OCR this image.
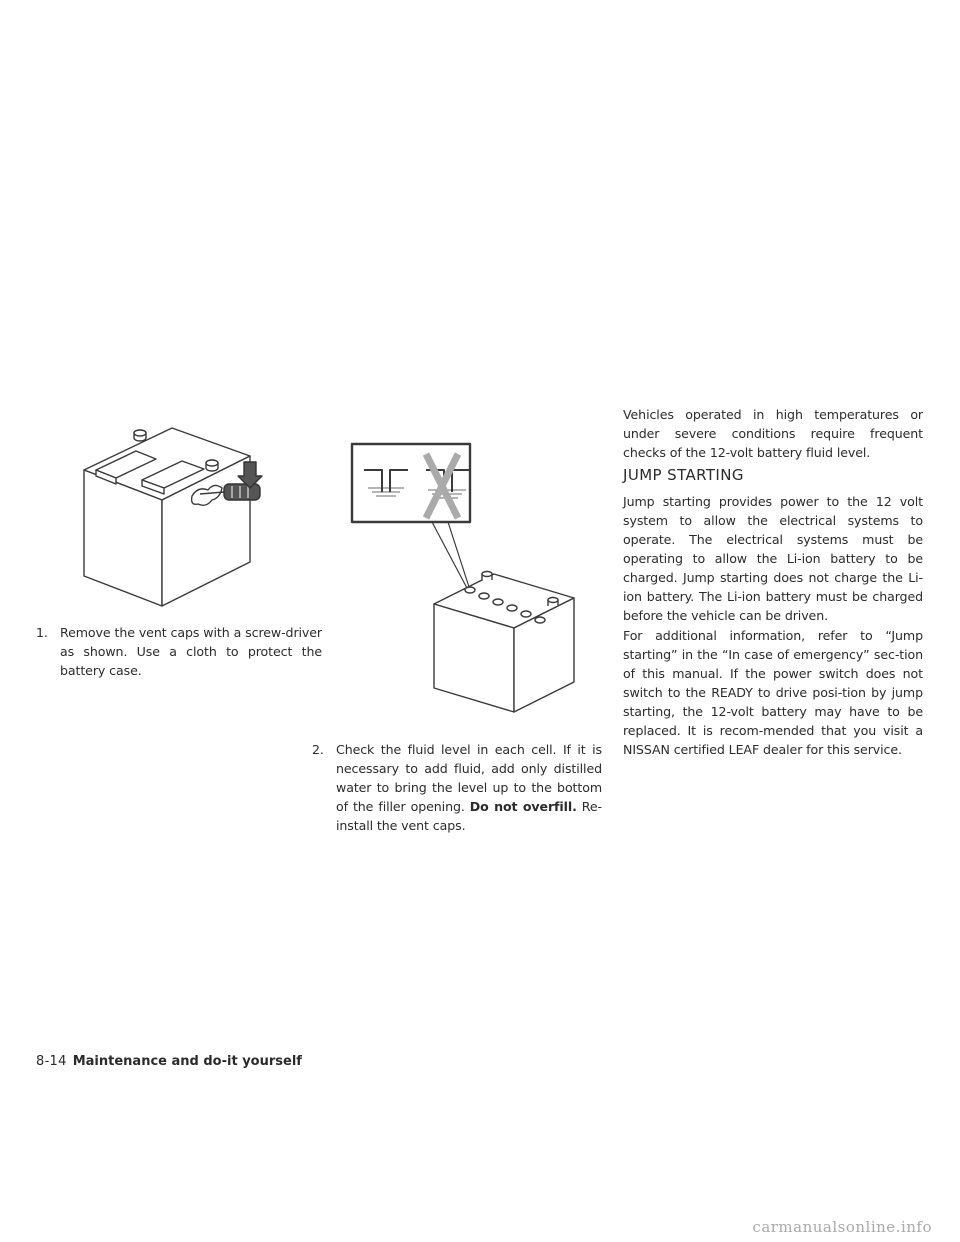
1. Remove the vent caps with a screw-driver as shown. Use a cloth to protect the battery case.
2. Check the fluid level in each cell. If it is necessary to add fluid, add only distilled water to bring the level up to the bottom of the filler opening. Do not overfill. Re-install the vent caps.

Vehicles operated in high temperatures or under severe conditions require frequent checks of the 12-volt battery fluid level.

JUMP STARTING

Jump starting provides power to the 12 volt system to allow the electrical systems to operate. The electrical systems must be operating to allow the Li-ion battery to be charged. Jump starting does not charge the Li-ion battery. The Li-ion battery must be charged before the vehicle can be driven.

For additional information, refer to “Jump starting” in the “In case of emergency” sec-tion of this manual. If the power switch does not switch to the READY to drive posi-tion by jump starting, the 12-volt battery may have to be replaced. It is recom-mended that you visit a NISSAN certified LEAF dealer for this service.

8-14 Maintenance and do-it yourself
carmanualsonline.info
